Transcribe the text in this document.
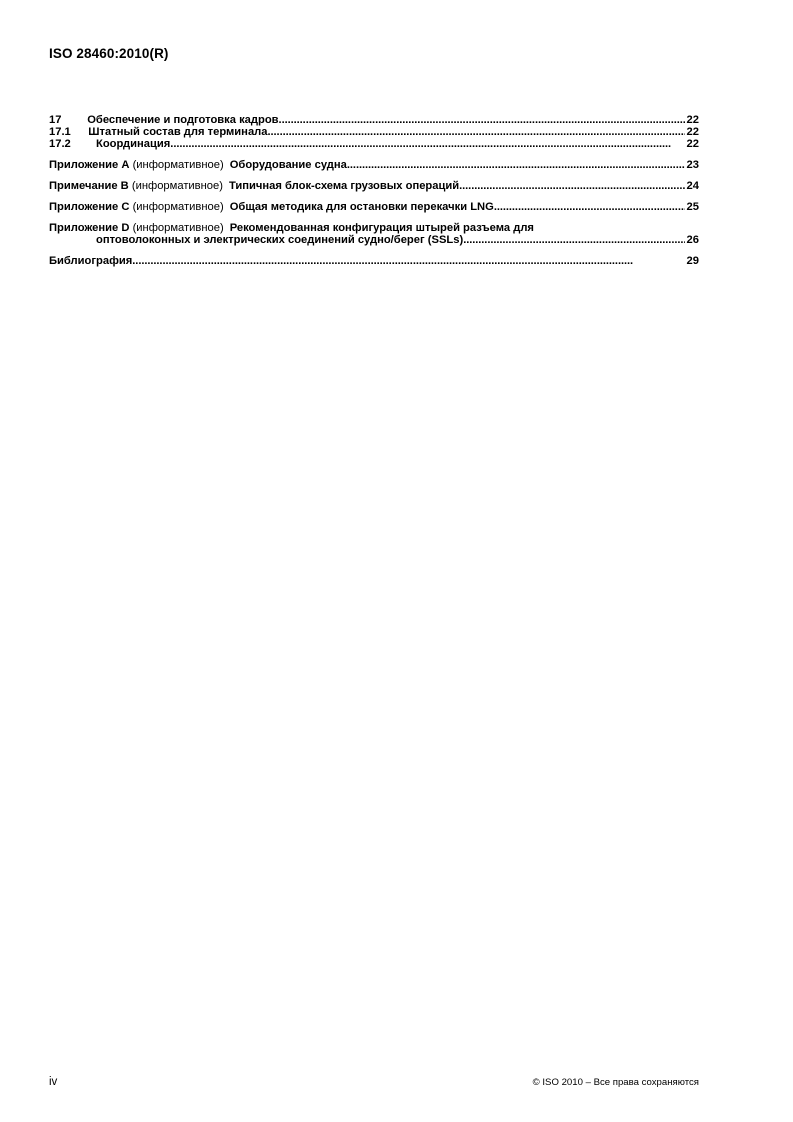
ISO 28460:2010(R)
17	Обеспечение и подготовка кадров . . .	22
17.1	Штатный состав для терминала . . .	22
17.2	Координация . . .	22
Приложение A
(информативное) Оборудование судна . . .	23
Примечание B
(информативное) Типичная блок-схема грузовых операций . . .	24
Приложение C
(информативное) Общая методика для остановки перекачки LNG . . .	25
Приложение D (информативное) Рекомендованная конфигурация штырей разъема для
оптоволоконных и электрических соединений судно/берег (SSLs) . . .	26
Библиография . . .	29
iv	© ISO 2010 – Все права сохраняются
